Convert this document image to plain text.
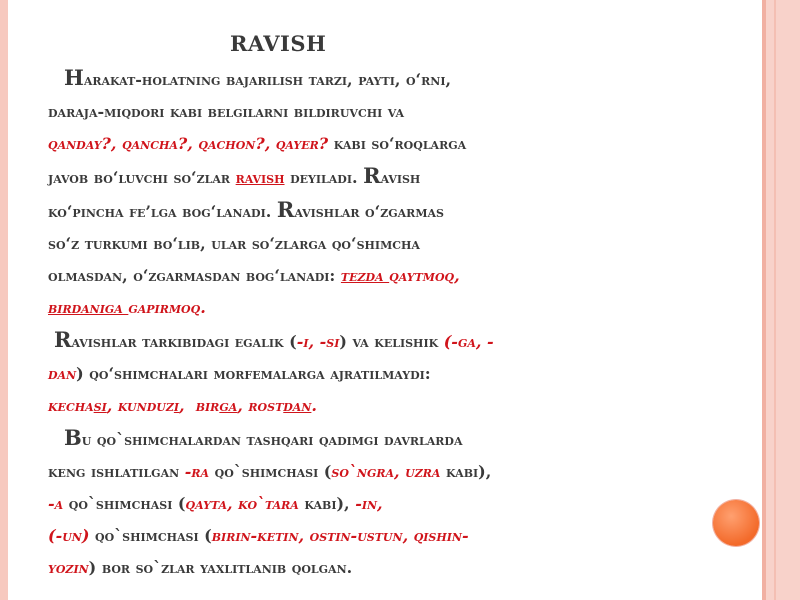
RAVISH
Harakat-holatning bajarilish tarzi, payti, o‘rni,
daraja-miqdori kabi belgilarni bildiruvchi va
qanday?, qancha?, qachon?, qayer? kabi so‘roqlarga
javob bo‘luvchi so‘zlar ravish deyiladi. Ravish
ko‘pincha fe’lga bog‘lanadi. Ravishlar o‘zgarmas
so‘z turkumi bo‘lib, ular so‘zlarga qo‘shimcha
olmasdan, o‘zgarmasdan bog‘lanadi: tezda qaytmoq,
birdaniga gapirmoq.
Ravishlar tarkibidagi egalik (-i, -si) va kelishik (-ga, -
dan) qo‘shimchalari morfemalarga ajratilmaydi:
kechasi, kunduzi,  birga, rostdan.
Bu qo`shimchalardan tashqari qadimgi davrlarda
keng ishlatilgan -ra qo`shimchasi (so`ngra, uzra kabi),
-a qo`shimchasi (qayta, ko`tara kabi), -in,
(-un) qo`shimchasi (birin-ketin, ostin-ustun, qishin-
yozin) bor so`zlar yaxlitlanib qolgan.
